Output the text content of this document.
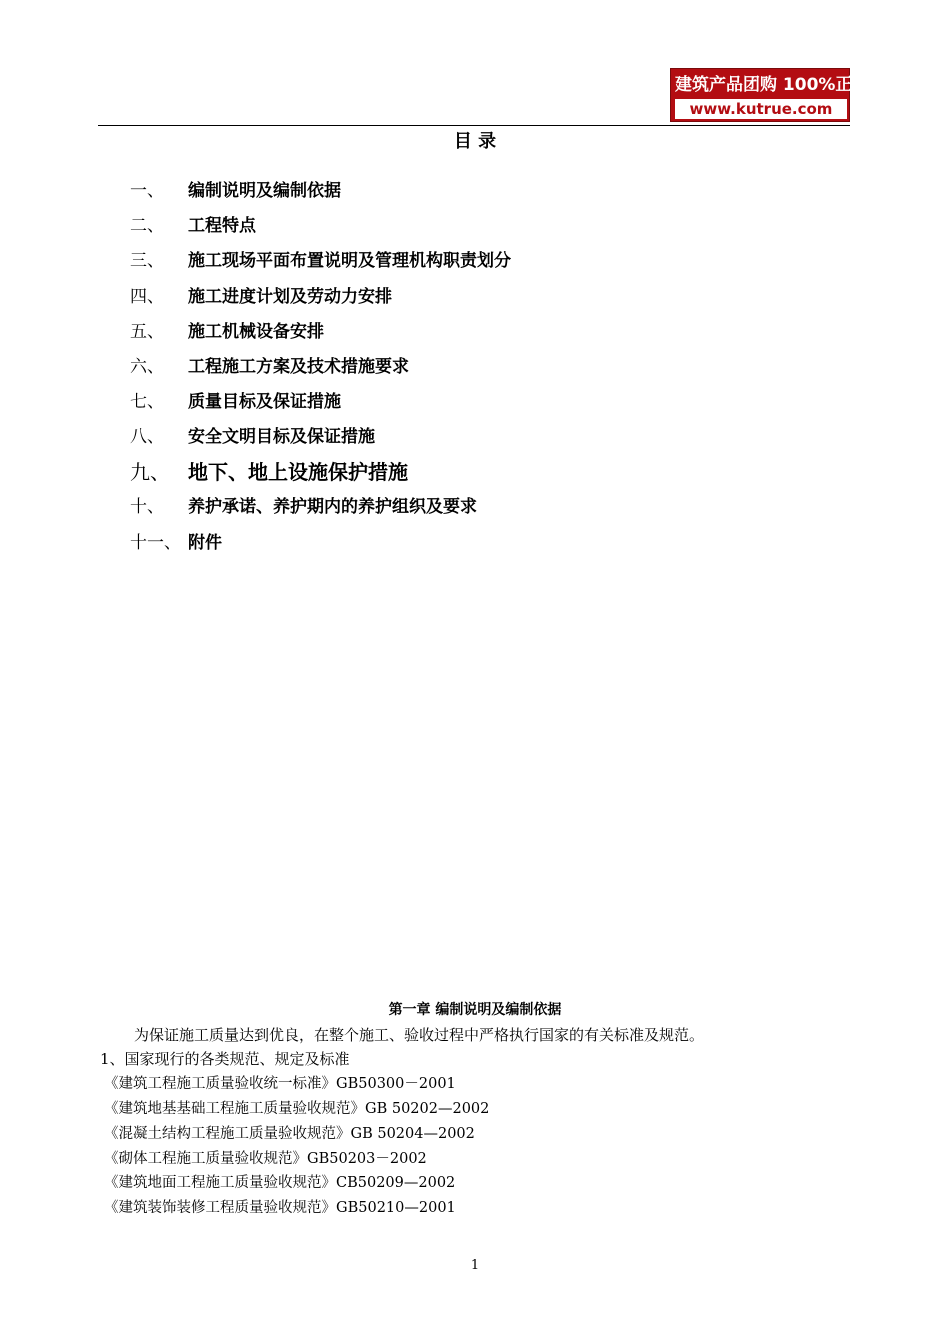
建筑产品团购 100%正品
www.kutrue.com
目 录
一、 编制说明及编制依据
二、 工程特点
三、 施工现场平面布置说明及管理机构职责划分
四、 施工进度计划及劳动力安排
五、 施工机械设备安排
六、 工程施工方案及技术措施要求
七、 质量目标及保证措施
八、 安全文明目标及保证措施
九、 地下、地上设施保护措施
十、 养护承诺、养护期内的养护组织及要求
十一、 附件
第一章 编制说明及编制依据
为保证施工质量达到优良，在整个施工、验收过程中严格执行国家的有关标准及规范。
1、国家现行的各类规范、规定及标准
《建筑工程施工质量验收统一标准》GB50300－2001
《建筑地基基础工程施工质量验收规范》GB 50202—2002
《混凝土结构工程施工质量验收规范》GB 50204—2002
《砌体工程施工质量验收规范》GB50203－2002
《建筑地面工程施工质量验收规范》CB50209—2002
《建筑装饰装修工程质量验收规范》GB50210—2001
1
